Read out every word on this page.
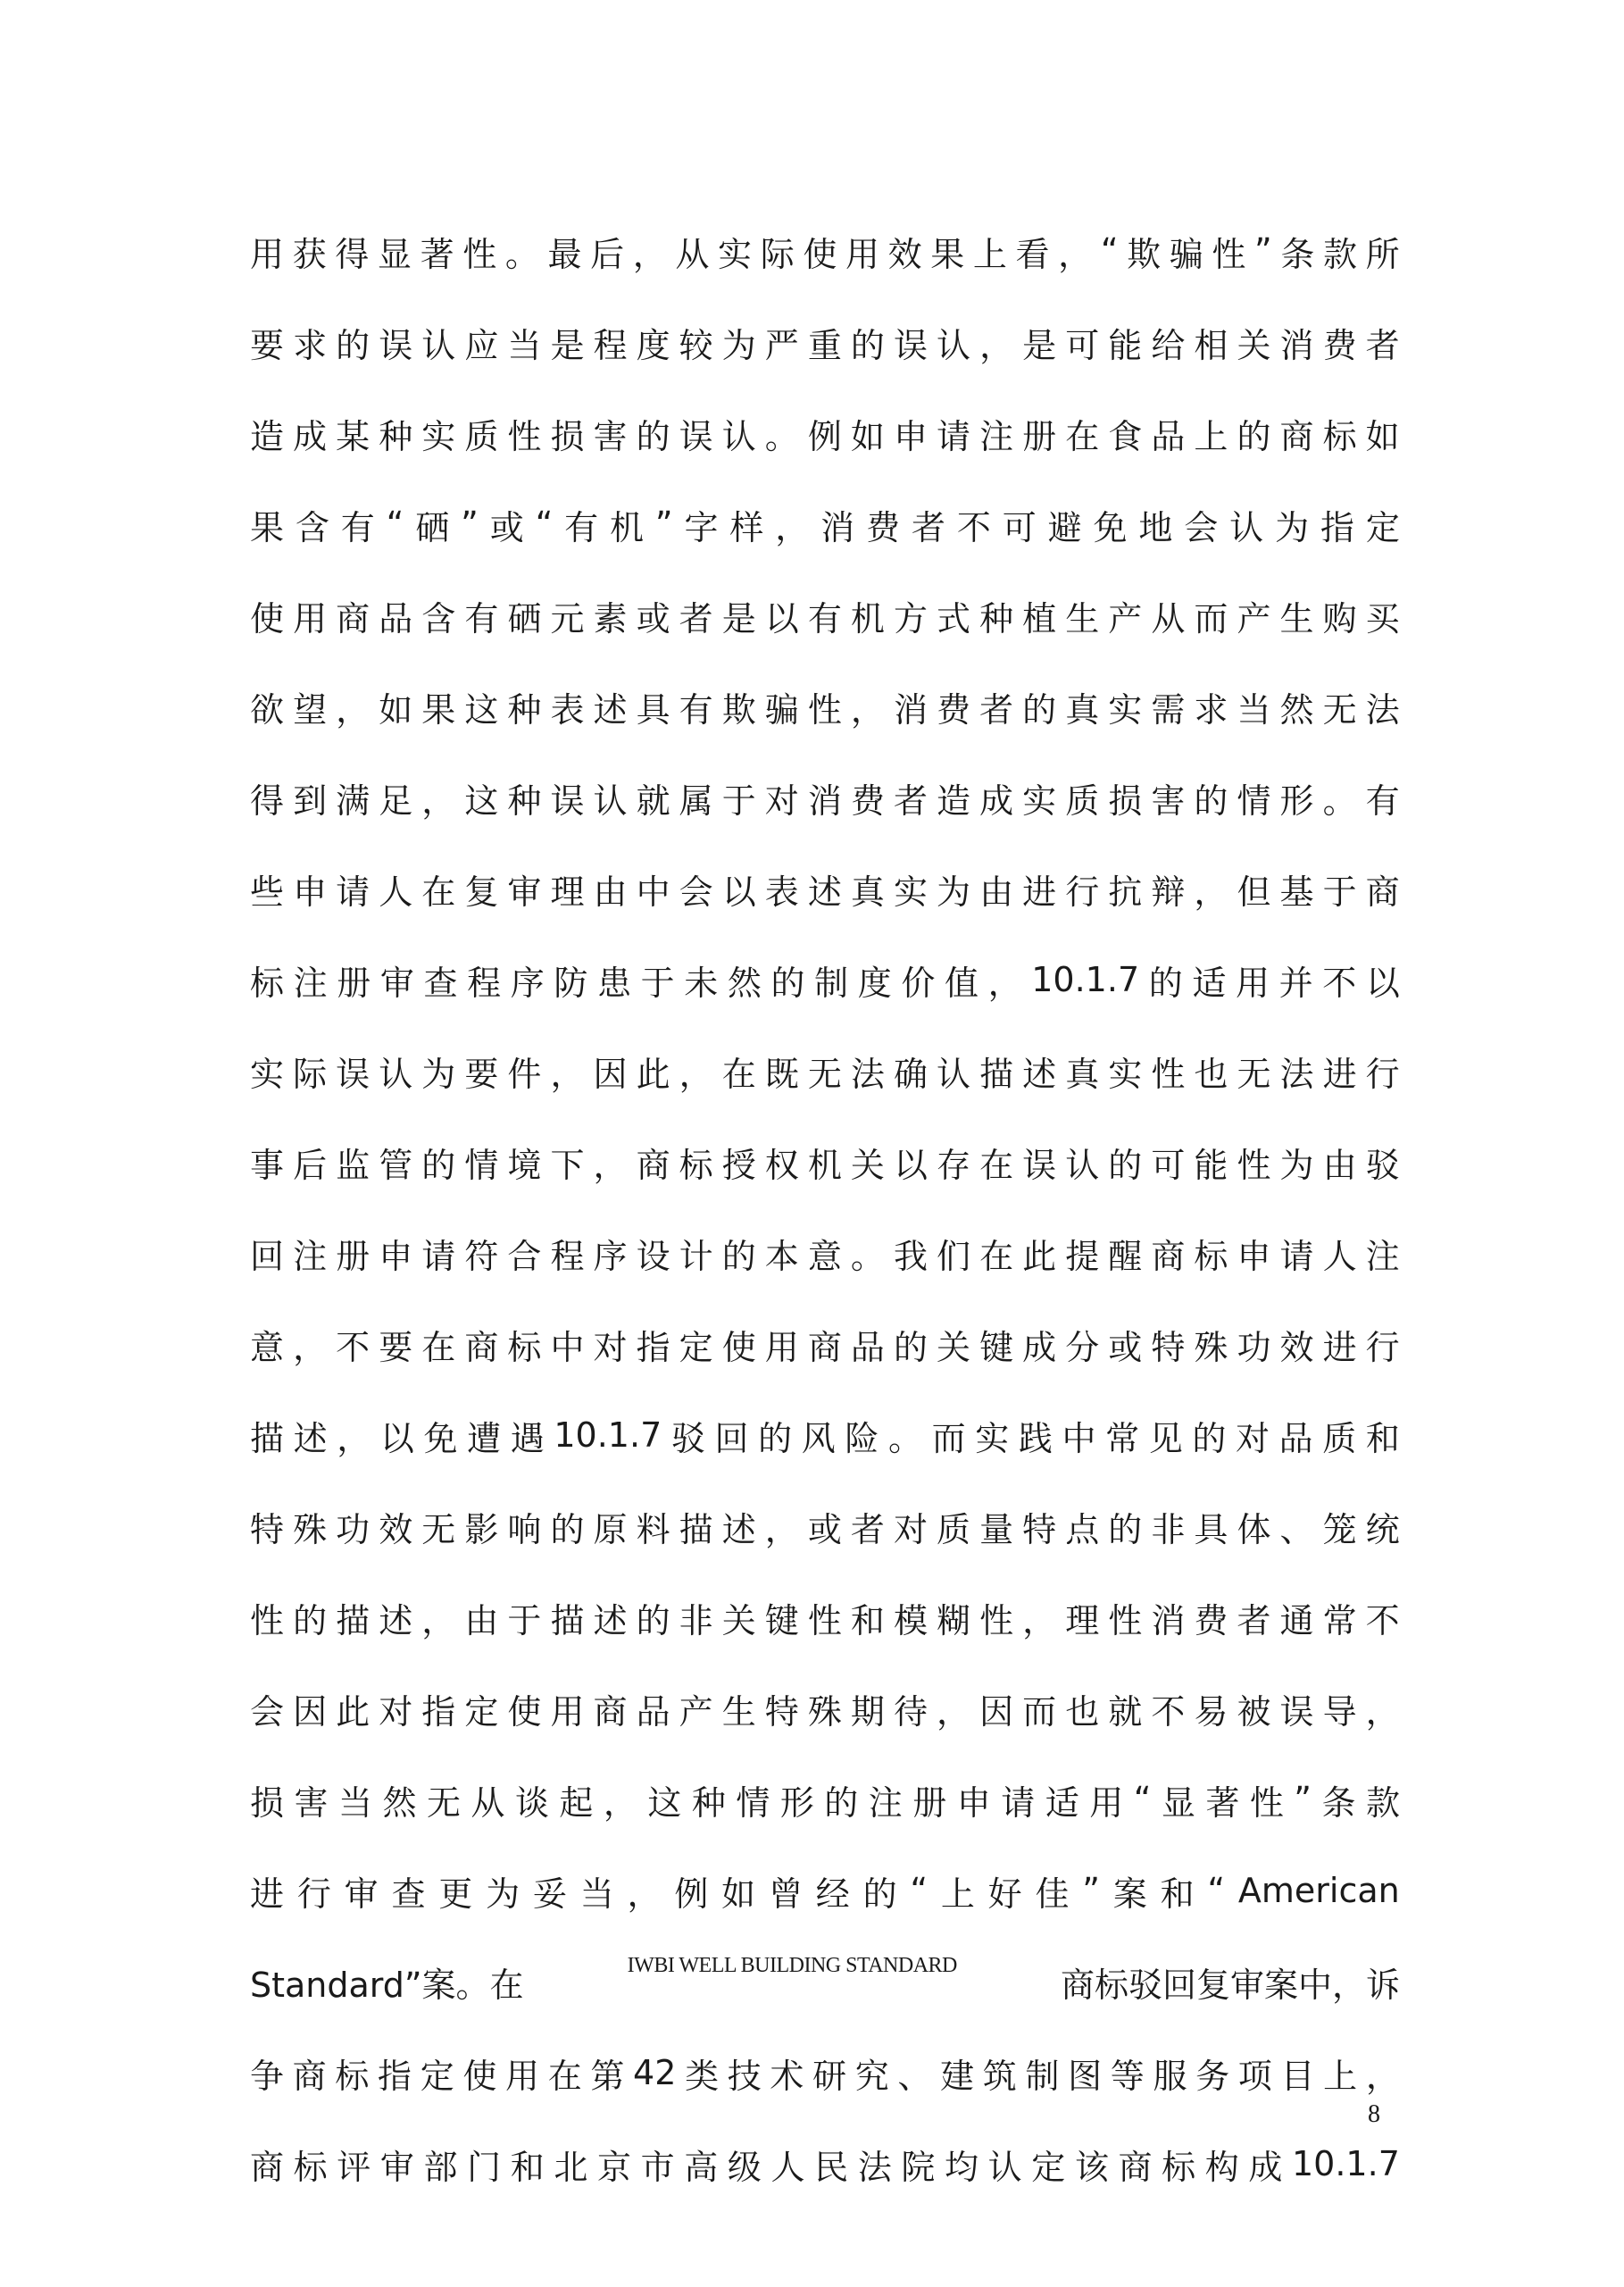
用 获 得 显 著 性 。 最 后 ， 从 实 际 使 用 效 果 上 看 ， “ 欺 骗 性 ” 条 款 所
要 求 的 误 认 应 当 是 程 度 较 为 严 重 的 误 认 ， 是 可 能 给 相 关 消 费 者
造 成 某 种 实 质 性 损 害 的 误 认 。 例 如 申 请 注 册 在 食 品 上 的 商 标 如
果 含 有 “ 硒 ” 或 “ 有 机 ” 字 样 ， 消 费 者 不 可 避 免 地 会 认 为 指 定
使 用 商 品 含 有 硒 元 素 或 者 是 以 有 机 方 式 种 植 生 产 从 而 产 生 购 买
欲 望 ， 如 果 这 种 表 述 具 有 欺 骗 性 ， 消 费 者 的 真 实 需 求 当 然 无 法
得 到 满 足 ， 这 种 误 认 就 属 于 对 消 费 者 造 成 实 质 损 害 的 情 形 。 有
些 申 请 人 在 复 审 理 由 中 会 以 表 述 真 实 为 由 进 行 抗 辩 ， 但 基 于 商
标 注 册 审 查 程 序 防 患 于 未 然 的 制 度 价 值 ， 10.1.7 的 适 用 并 不 以
实 际 误 认 为 要 件 ， 因 此 ， 在 既 无 法 确 认 描 述 真 实 性 也 无 法 进 行
事 后 监 管 的 情 境 下 ， 商 标 授 权 机 关 以 存 在 误 认 的 可 能 性 为 由 驳
回 注 册 申 请 符 合 程 序 设 计 的 本 意 。 我 们 在 此 提 醒 商 标 申 请 人 注
意 ， 不 要 在 商 标 中 对 指 定 使 用 商 品 的 关 键 成 分 或 特 殊 功 效 进 行
描 述 ， 以 免 遭 遇 10.1.7 驳 回 的 风 险 。 而 实 践 中 常 见 的 对 品 质 和
特 殊 功 效 无 影 响 的 原 料 描 述 ， 或 者 对 质 量 特 点 的 非 具 体 、 笼 统
性 的 描 述 ， 由 于 描 述 的 非 关 键 性 和 模 糊 性 ， 理 性 消 费 者 通 常 不
会 因 此 对 指 定 使 用 商 品 产 生 特 殊 期 待 ， 因 而 也 就 不 易 被 误 导 ，
损 害 当 然 无 从 谈 起 ， 这 种 情 形 的 注 册 申 请 适 用 “ 显 著 性 ” 条 款
进 行 审 查 更 为 妥 当 ， 例 如 曾 经 的 “ 上 好 佳 ” 案 和 “ American
Standard”案。在	IWBI WELL BUILDING STANDARD	商标驳回复审案中，诉
争 商 标 指 定 使 用 在 第 42 类 技 术 研 究 、 建 筑 制 图 等 服 务 项 目 上 ，
商 标 评 审 部 门 和 北 京 市 高 级 人 民 法 院 均 认 定 该 商 标 构 成 10.1.7
8
